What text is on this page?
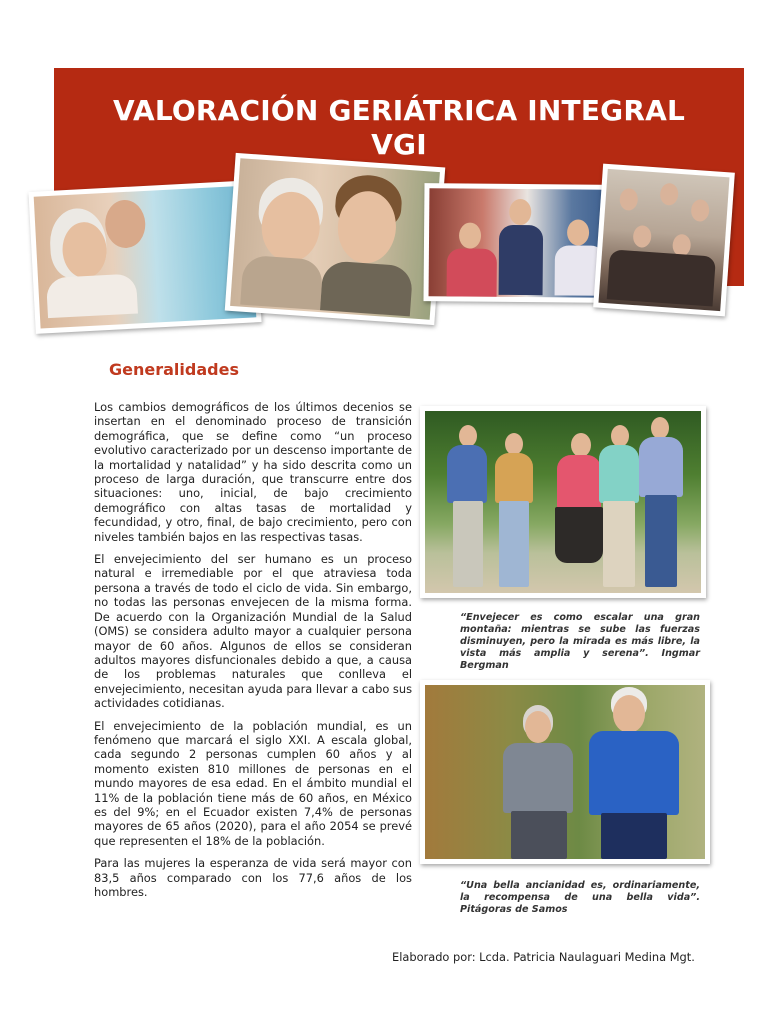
VALORACIÓN GERIÁTRICA INTEGRAL
VGI
Generalidades

Los cambios demográficos de los últimos decenios se insertan en el denominado proceso de transición demográfica, que se define como “un proceso evolutivo caracterizado por un descenso importante de la mortalidad y natalidad” y ha sido descrita como un proceso de larga duración, que transcurre entre dos situaciones: uno, inicial, de bajo crecimiento demográfico con altas tasas de mortalidad y fecundidad, y otro, final, de bajo crecimiento, pero con niveles también bajos en las respectivas tasas.

El envejecimiento del ser humano es un proceso natural e irremediable por el que atraviesa toda persona a través de todo el ciclo de vida. Sin embargo, no todas las personas envejecen de la misma forma. De acuerdo con la Organización Mundial de la Salud (OMS) se considera adulto mayor a cualquier persona mayor de 60 años. Algunos de ellos se consideran adultos mayores disfuncionales debido a que, a causa de los problemas naturales que conlleva el envejecimiento, necesitan ayuda para llevar a cabo sus actividades cotidianas.

El envejecimiento de la población mundial, es un fenómeno que marcará el siglo XXI. A escala global, cada segundo 2 personas cumplen 60 años y al momento existen 810 millones de personas en el mundo mayores de esa edad. En el ámbito mundial el 11% de la población tiene más de 60 años, en México es del 9%; en el Ecuador existen 7,4% de personas mayores de 65 años (2020), para el año 2054 se prevé que representen el 18% de la población.

Para las mujeres la esperanza de vida será mayor con 83,5 años comparado con los 77,6 años de los hombres.

“Envejecer es como escalar una gran montaña: mientras se sube las fuerzas disminuyen, pero la mirada es más libre, la vista más amplia y serena”. Ingmar Bergman
“Una bella ancianidad es, ordinariamente, la recompensa de una bella vida”. Pitágoras de Samos
Elaborado por: Lcda. Patricia Naulaguari Medina Mgt.
